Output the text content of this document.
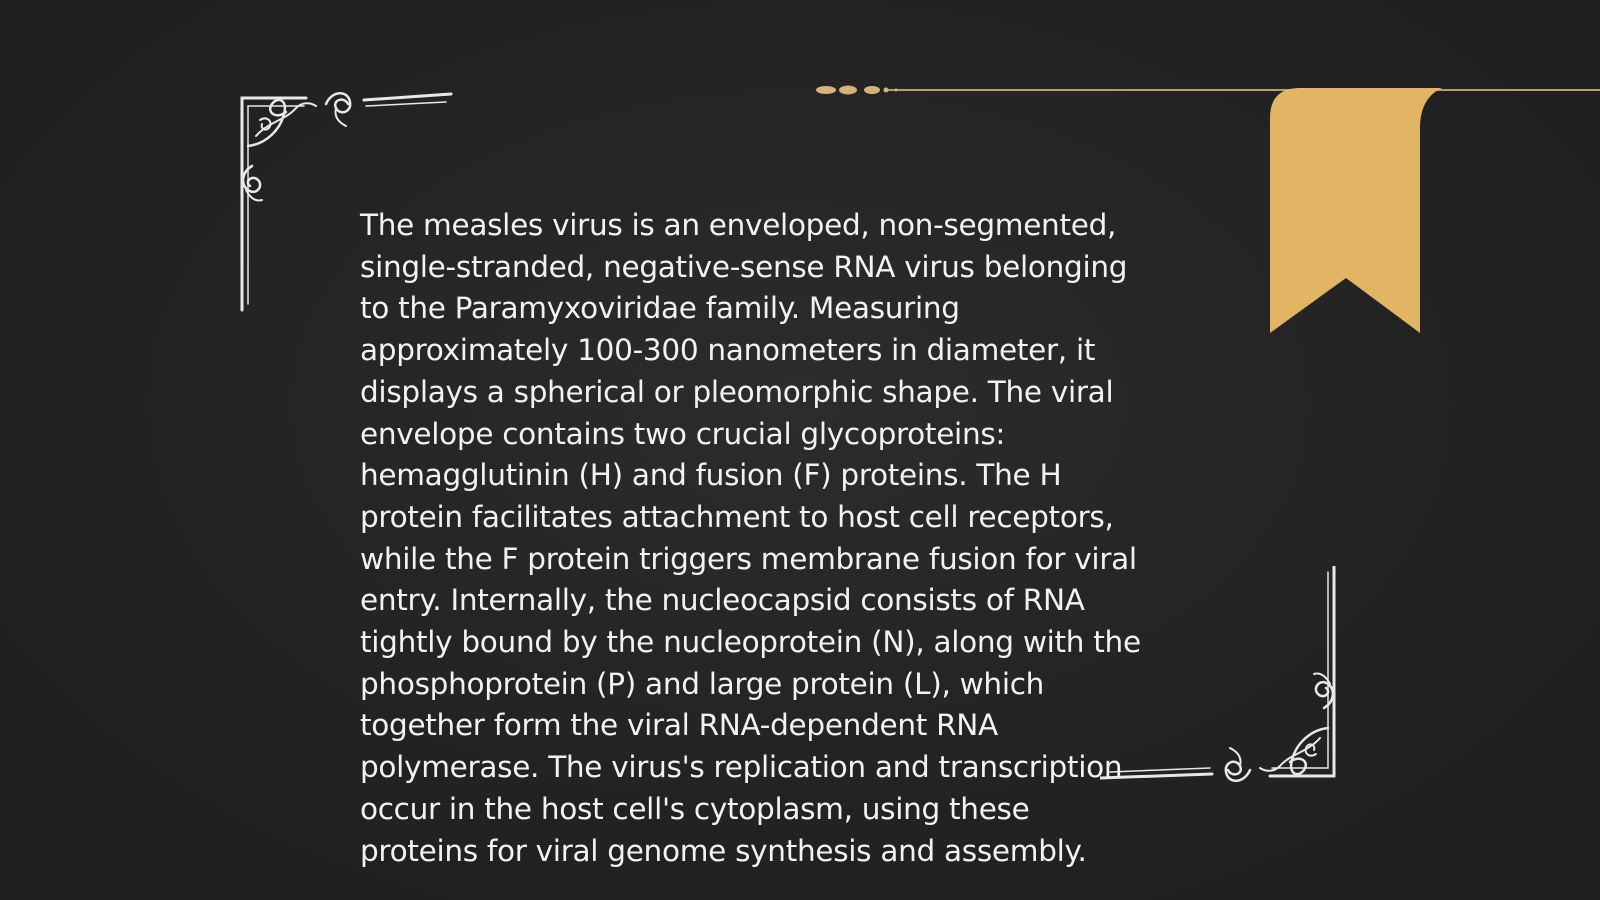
The measles virus is an enveloped, non-segmented,
single-stranded, negative-sense RNA virus belonging
to the Paramyxoviridae family. Measuring
approximately 100-300 nanometers in diameter, it
displays a spherical or pleomorphic shape. The viral
envelope contains two crucial glycoproteins:
hemagglutinin (H) and fusion (F) proteins. The H
protein facilitates attachment to host cell receptors,
while the F protein triggers membrane fusion for viral
entry. Internally, the nucleocapsid consists of RNA
tightly bound by the nucleoprotein (N), along with the
phosphoprotein (P) and large protein (L), which
together form the viral RNA-dependent RNA
polymerase. The virus's replication and transcription
occur in the host cell's cytoplasm, using these
proteins for viral genome synthesis and assembly.
